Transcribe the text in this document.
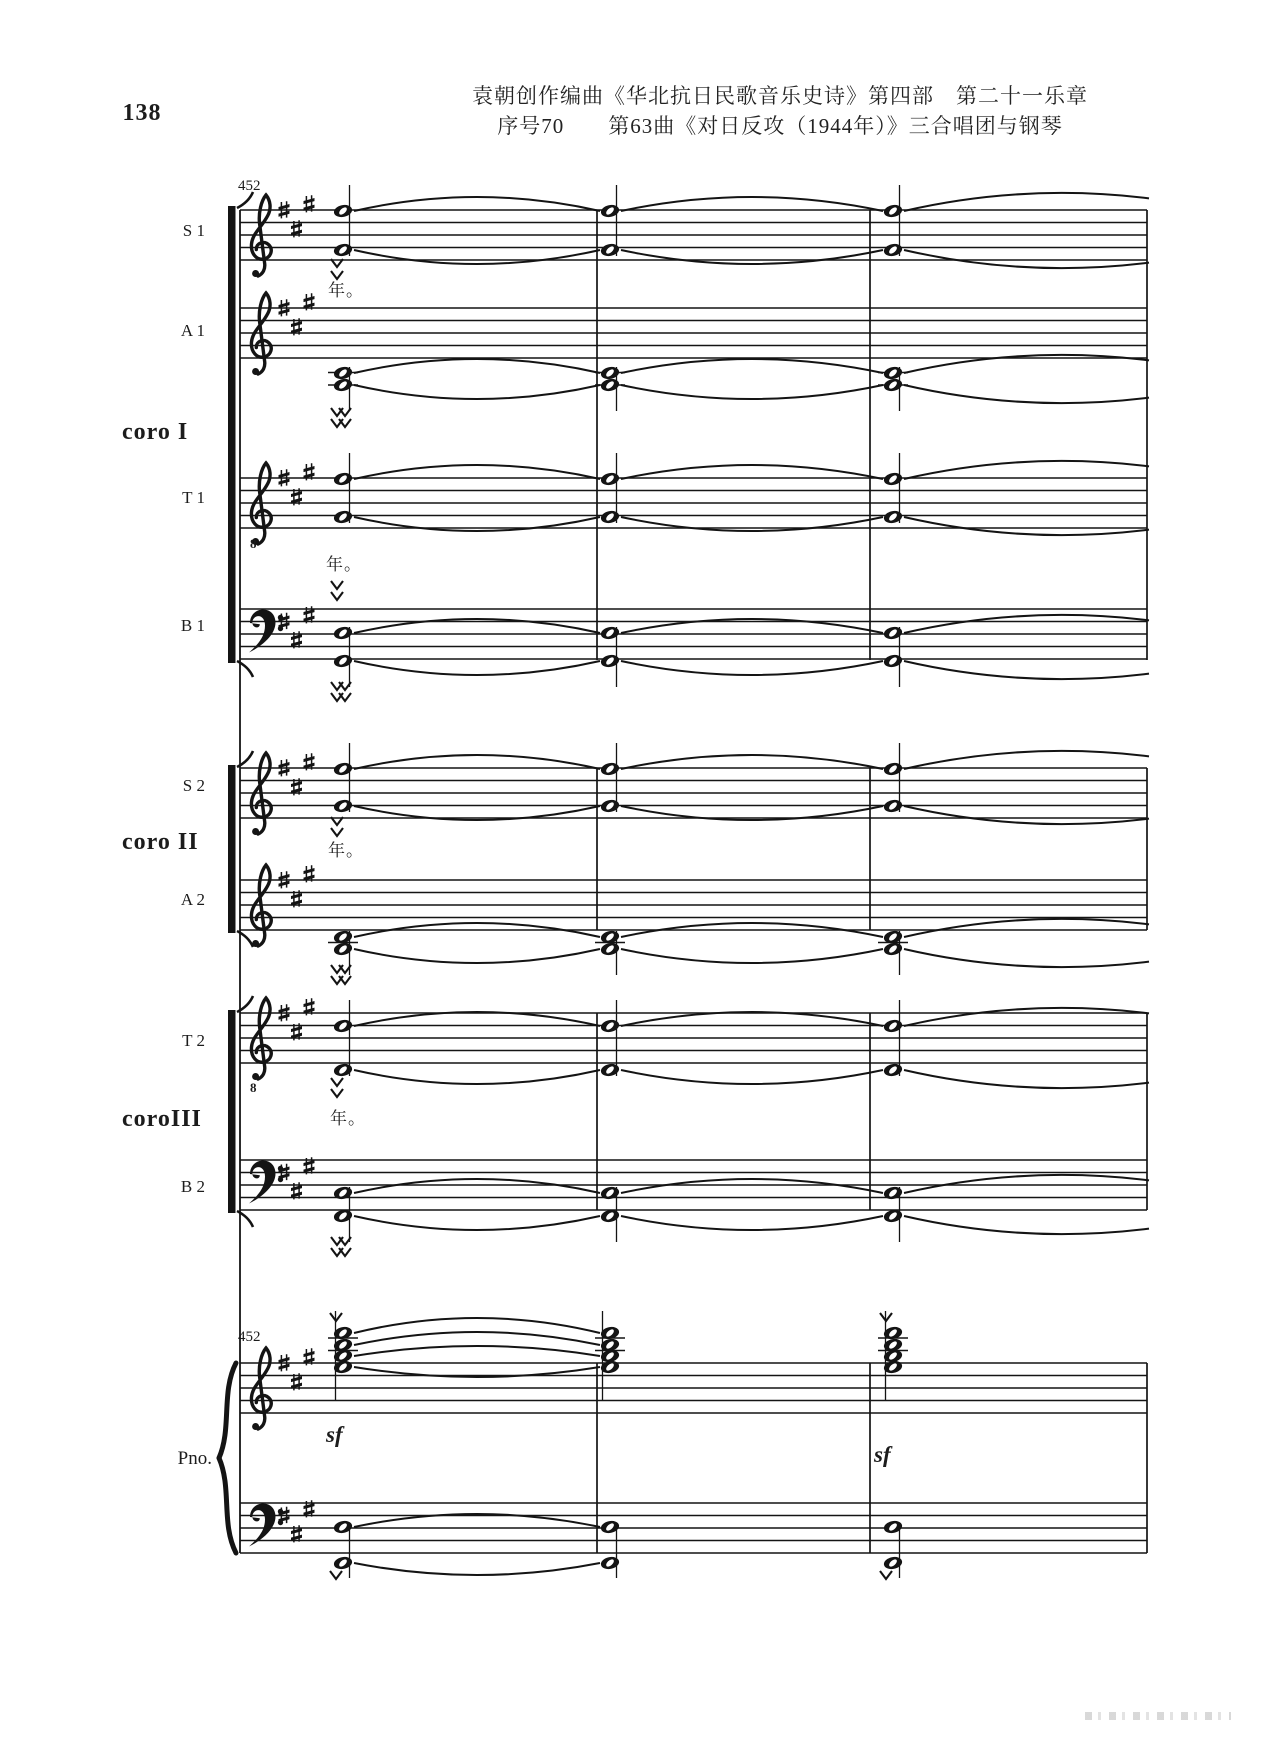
138
袁朝创作编曲《华北抗日民歌音乐史诗》第四部　第二十一乐章
序号70　　第63曲《对日反攻（1944年）》三合唱团与钢琴
452
452
S 1
A 1
T 1
B 1
S 2
A 2
T 2
B 2
coro I
coro II
coroIII
Pno.
sf
sf
8
8
年。
年。
年。
年。
